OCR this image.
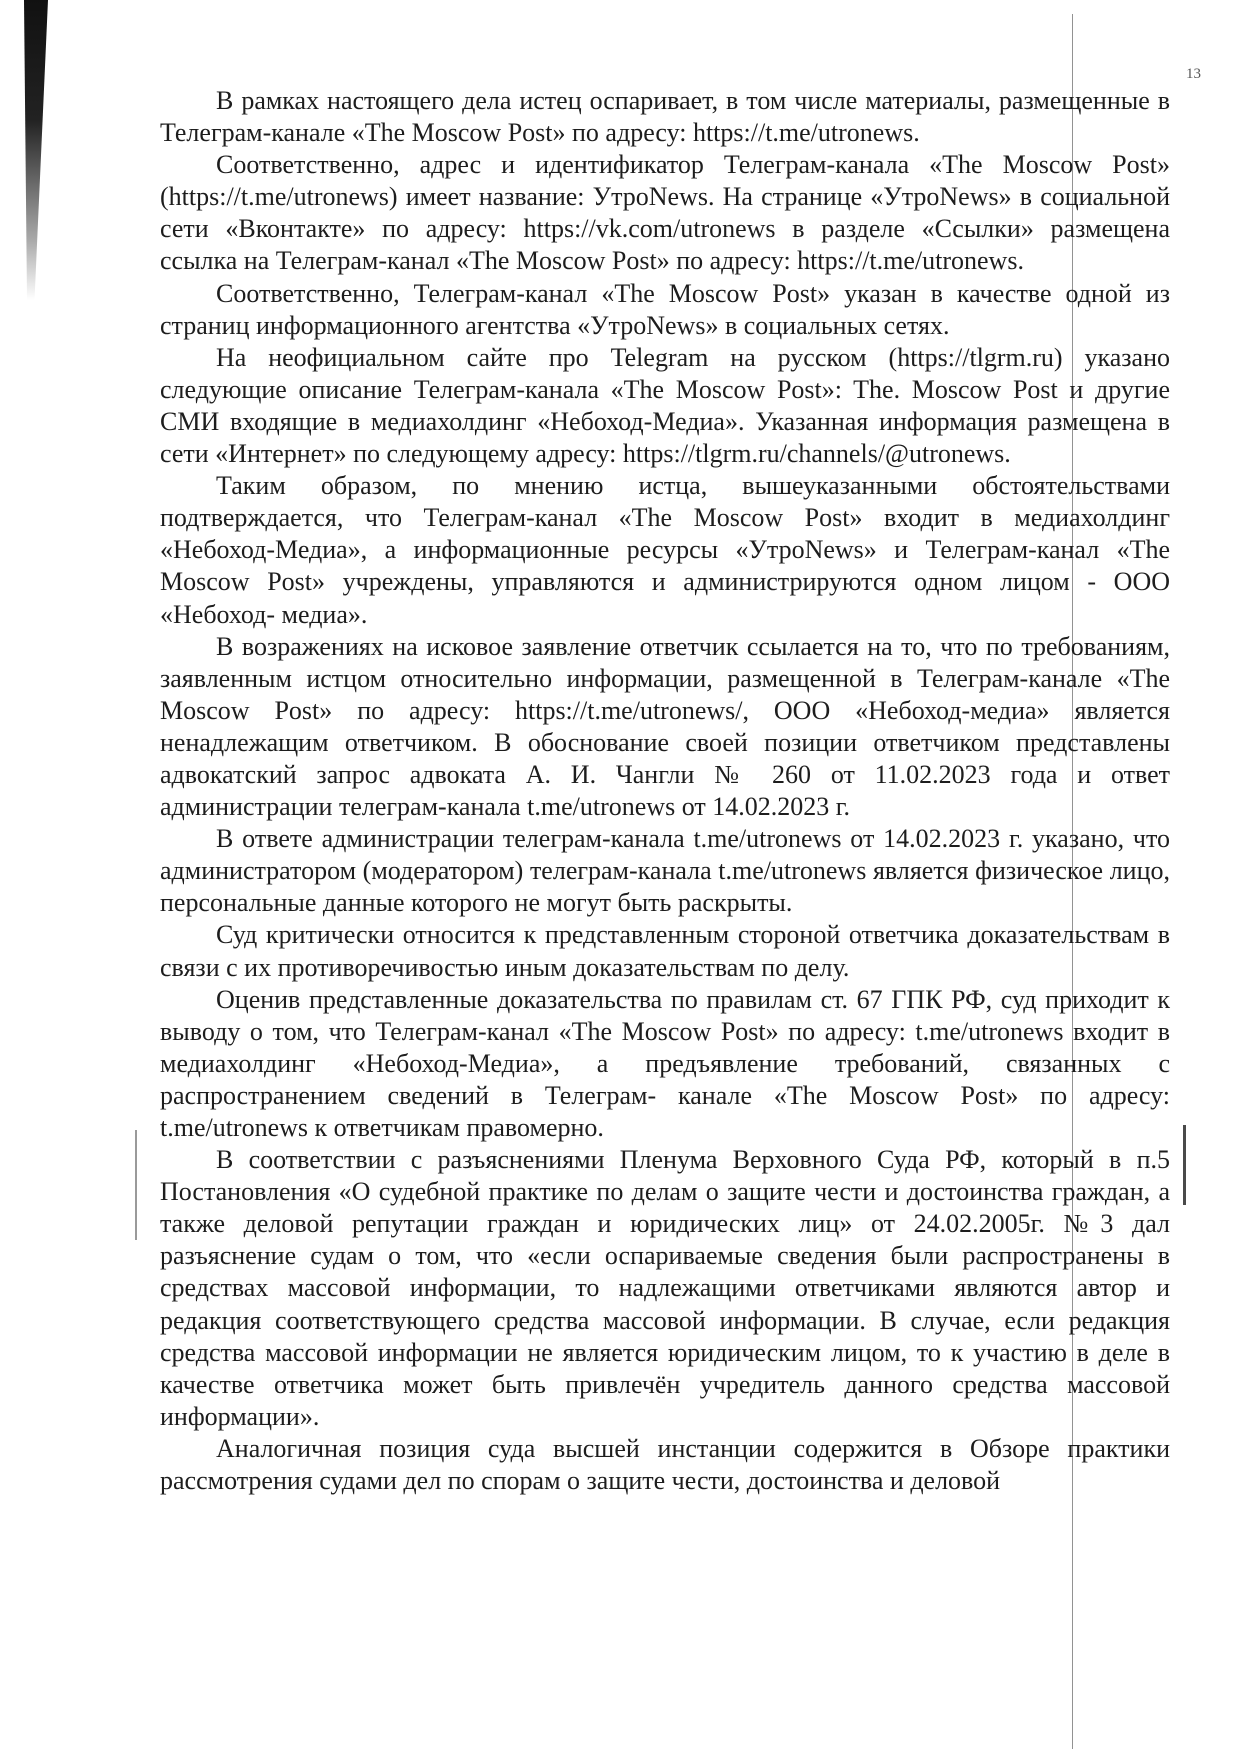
13

В рамках настоящего дела истец оспаривает, в том числе материалы, размещенные в Телеграм-канале «The Moscow Post» по адресу: https://t.me/utronews.

Соответственно, адрес и идентификатор Телеграм-канала «The Moscow Post» (https://t.me/utronews) имеет название: УтроNews. На странице «УтроNews» в социальной сети «Вконтакте» по адресу: https://vk.com/utronews в разделе «Ссылки» размещена ссылка на Телеграм-канал «The Moscow Post» по адресу: https://t.me/utronews.

Соответственно, Телеграм-канал «The Moscow Post» указан в качестве одной из страниц информационного агентства «УтроNews» в социальных сетях.

На неофициальном сайте про Telegram на русском (https://tlgrm.ru) указано следующие описание Телеграм-канала «The Moscow Post»: The. Moscow Post и другие СМИ входящие в медиахолдинг «Небоход-Медиа». Указанная информация размещена в сети «Интернет» по следующему адресу: https://tlgrm.ru/channels/@utronews.

Таким образом, по мнению истца, вышеуказанными обстоятельствами подтверждается, что Телеграм-канал «The Moscow Post» входит в медиахолдинг «Небоход-Медиа», а информационные ресурсы «УтроNews» и Телеграм-канал «The Moscow Post» учреждены, управляются и администрируются одном лицом - ООО «Небоход- медиа».

В возражениях на исковое заявление ответчик ссылается на то, что по требованиям, заявленным истцом относительно информации, размещенной в Телеграм-канале «The Moscow Post» по адресу: https://t.me/utronews/, ООО «Небоход-медиа» является ненадлежащим ответчиком. В обоснование своей позиции ответчиком представлены адвокатский запрос адвоката А. И. Чангли № 260 от 11.02.2023 года и ответ администрации телеграм-канала t.me/utronews от 14.02.2023 г.

В ответе администрации телеграм-канала t.me/utronews от 14.02.2023 г. указано, что администратором (модератором) телеграм-канала t.me/utronews является физическое лицо, персональные данные которого не могут быть раскрыты.

Суд критически относится к представленным стороной ответчика доказательствам в связи с их противоречивостью иным доказательствам по делу.

Оценив представленные доказательства по правилам ст. 67 ГПК РФ, суд приходит к выводу о том, что Телеграм-канал «The Moscow Post» по адресу: t.me/utronews входит в медиахолдинг «Небоход-Медиа», а предъявление требований, связанных с распространением сведений в Телеграм- канале «The Moscow Post» по адресу: t.me/utronews к ответчикам правомерно.

В соответствии с разъяснениями Пленума Верховного Суда РФ, который в п.5 Постановления «О судебной практике по делам о защите чести и достоинства граждан, а также деловой репутации граждан и юридических лиц» от 24.02.2005г. №3 дал разъяснение судам о том, что «если оспариваемые сведения были распространены в средствах массовой информации, то надлежащими ответчиками являются автор и редакция соответствующего средства массовой информации. В случае, если редакция средства массовой информации не является юридическим лицом, то к участию в деле в качестве ответчика может быть привлечён учредитель данного средства массовой информации».

Аналогичная позиция суда высшей инстанции содержится в Обзоре практики рассмотрения судами дел по спорам о защите чести, достоинства и деловой
